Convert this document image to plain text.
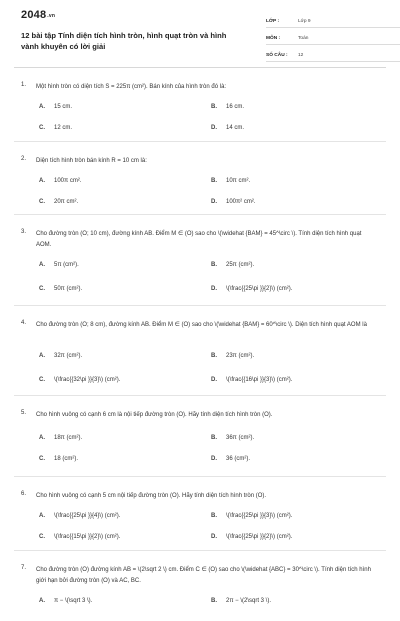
2048.vn
12 bài tập Tính diện tích hình tròn, hình quạt tròn và hình vành khuyên có lời giải
LỚP :	Lớp 9
MÔN :	Toán
SỐ CÂU :	12
1.	Một hình tròn có diện tích S = 225π (cm²). Bán kính của hình tròn đó là:
A.	15 cm.	B.	16 cm.
C.	12 cm.	D.	14 cm.
2.	Diện tích hình tròn bán kính R = 10 cm là:
A.	100π cm².	B.	10π cm².
C.	20π cm².	D.	100π² cm².
3.	Cho đường tròn (O; 10 cm), đường kính AB. Điểm M ∈ (O) sao cho \(\widehat {BAM} = 45^\circ \). Tính diện tích hình quạt AOM.
A.	5π (cm²).	B.	25π (cm²).
C.	50π (cm²).	D.	\(\frac{{25\pi }}{2}\) (cm²).
4.	Cho đường tròn (O; 8 cm), đường kính AB. Điểm M ∈ (O) sao cho \(\widehat {BAM} = 60^\circ \). Diện tích hình quạt AOM là
A.	32π (cm²).	B.	23π (cm²).
C.	\(\frac{{32\pi }}{3}\) (cm²).	D.	\(\frac{{16\pi }}{3}\) (cm²).
5.	Cho hình vuông có cạnh 6 cm là nội tiếp đường tròn (O). Hãy tính diện tích hình tròn (O).
A.	18π (cm²).	B.	36π (cm²).
C.	18 (cm²).	D.	36 (cm²).
6.	Cho hình vuông có cạnh 5 cm nội tiếp đường tròn (O). Hãy tính diện tích hình tròn (O).
A.	\(\frac{{25\pi }}{4}\) (cm²).	B.	\(\frac{{25\pi }}{3}\) (cm²).
C.	\(\frac{{15\pi }}{2}\) (cm²).	D.	\(\frac{{25\pi }}{2}\) (cm²).
7.	Cho đường tròn (O) đường kính AB = \(2\sqrt 2 \) cm. Điểm C ∈ (O) sao cho \(\widehat {ABC} = 30^\circ \). Tính diện tích hình giới hạn bởi đường tròn (O) và AC, BC.
A.	π − \(\sqrt 3 \).	B.	2π − \(2\sqrt 3 \).
